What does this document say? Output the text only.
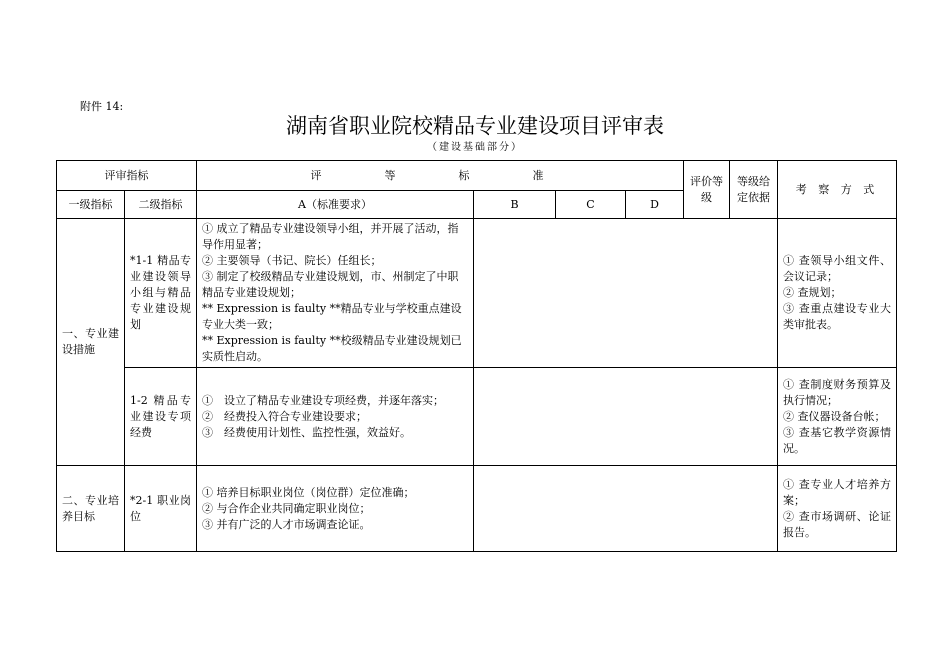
附件 14:
湖南省职业院校精品专业建设项目评审表
（建设基础部分）
评审指标		评　等　标　准				评价等级	等级给定依据	考 察 方 式
一级指标	二级指标	A（标准要求）	B	C	D			
一、专业建设措施	*1-1 精品专业建设领导小组与精品专业建设规划	① 成立了精品专业建设领导小组，并开展了活动，指导作用显著；
② 主要领导（书记、院长）任组长；
③ 制定了校级精品专业建设规划，市、州制定了中职精品专业建设规划；
** Expression is faulty **精品专业与学校重点建设专业大类一致；
** Expression is faulty **校级精品专业建设规划已实质性启动。						① 查领导小组文件、会议记录；
② 查规划；
③ 查重点建设专业大类审批表。

	1-2 精品专业建设专项经费	①　设立了精品专业建设专项经费，并逐年落实；
②　经费投入符合专业建设要求；
③　经费使用计划性、监控性强，效益好。						① 查制度财务预算及执行情况；
② 查仪器设备台帐；
③ 查基它教学资源情况。

二、专业培养目标	*2-1 职业岗位	① 培养目标职业岗位（岗位群）定位准确；
② 与合作企业共同确定职业岗位；
③ 并有广泛的人才市场调查论证。						① 查专业人才培养方案；
② 查市场调研、论证报告。
